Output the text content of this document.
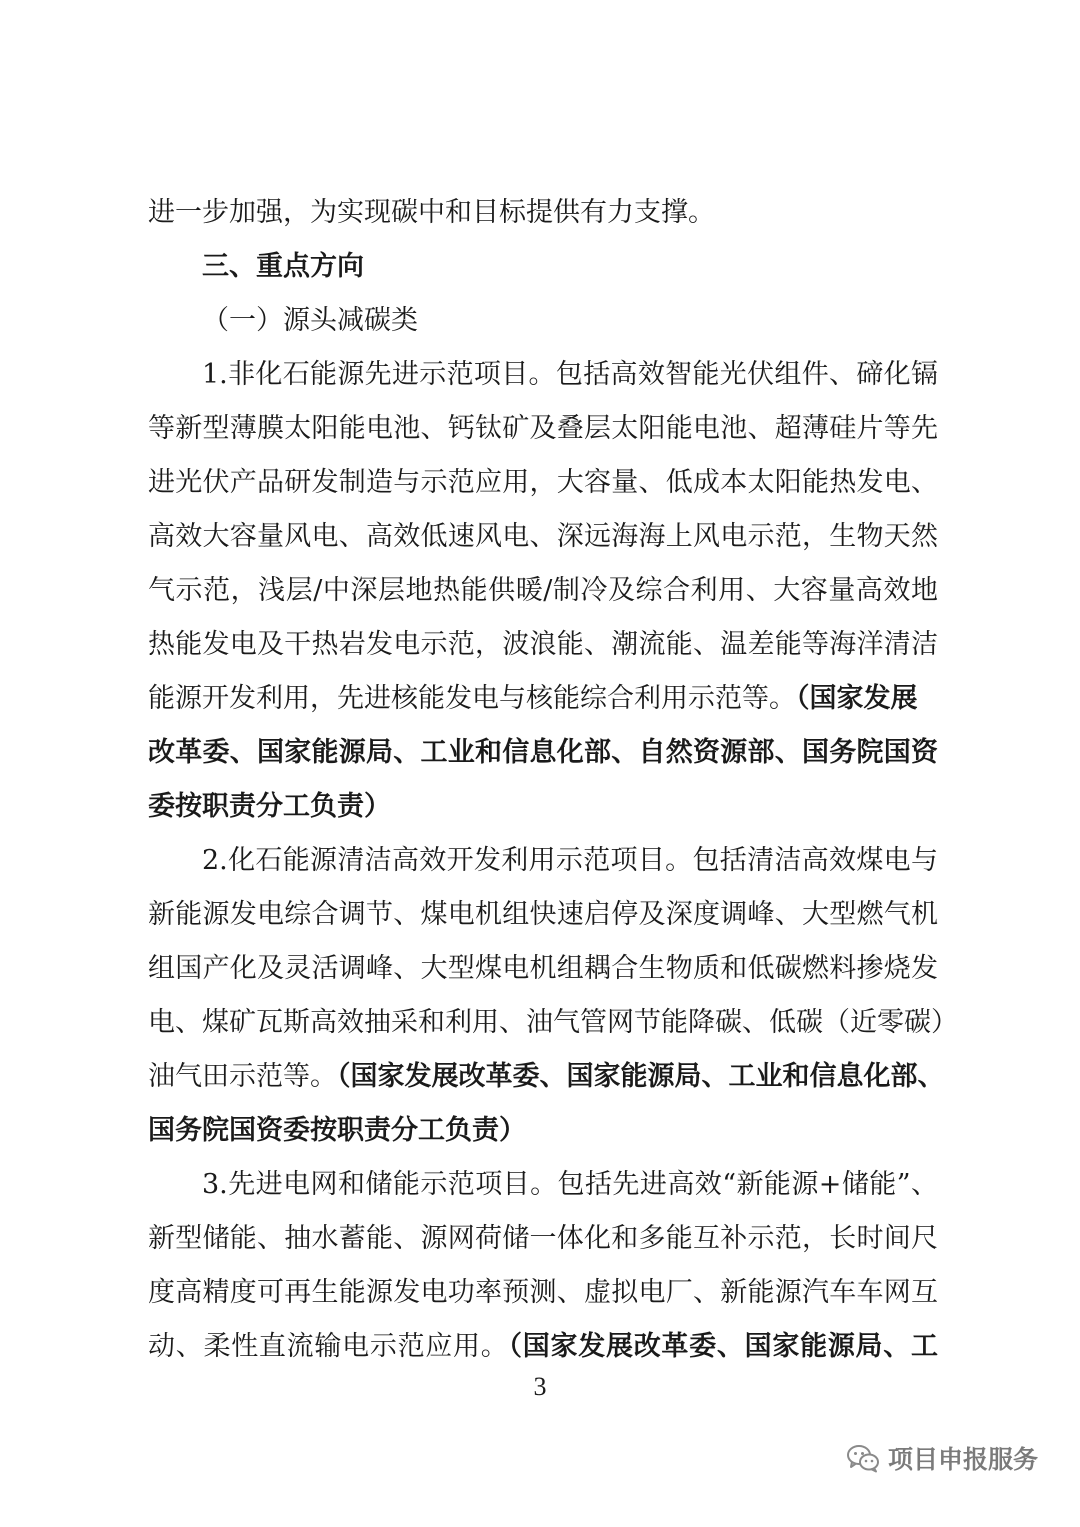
进一步加强，为实现碳中和目标提供有力支撑。
三、重点方向
（一）源头减碳类
1.非化石能源先进示范项目。包括高效智能光伏组件、碲化镉
等新型薄膜太阳能电池、钙钛矿及叠层太阳能电池、超薄硅片等先
进光伏产品研发制造与示范应用，大容量、低成本太阳能热发电、
高效大容量风电、高效低速风电、深远海海上风电示范，生物天然
气示范，浅层/中深层地热能供暖/制冷及综合利用、大容量高效地
热能发电及干热岩发电示范，波浪能、潮流能、温差能等海洋清洁
能源开发利用，先进核能发电与核能综合利用示范等。（国家发展
改革委、国家能源局、工业和信息化部、自然资源部、国务院国资
委按职责分工负责）
2.化石能源清洁高效开发利用示范项目。包括清洁高效煤电与
新能源发电综合调节、煤电机组快速启停及深度调峰、大型燃气机
组国产化及灵活调峰、大型煤电机组耦合生物质和低碳燃料掺烧发
电、煤矿瓦斯高效抽采和利用、油气管网节能降碳、低碳（近零碳）
油气田示范等。（国家发展改革委、国家能源局、工业和信息化部、
国务院国资委按职责分工负责）
3.先进电网和储能示范项目。包括先进高效“新能源+储能”、
新型储能、抽水蓄能、源网荷储一体化和多能互补示范，长时间尺
度高精度可再生能源发电功率预测、虚拟电厂、新能源汽车车网互
动、柔性直流输电示范应用。（国家发展改革委、国家能源局、工
3
项目申报服务
